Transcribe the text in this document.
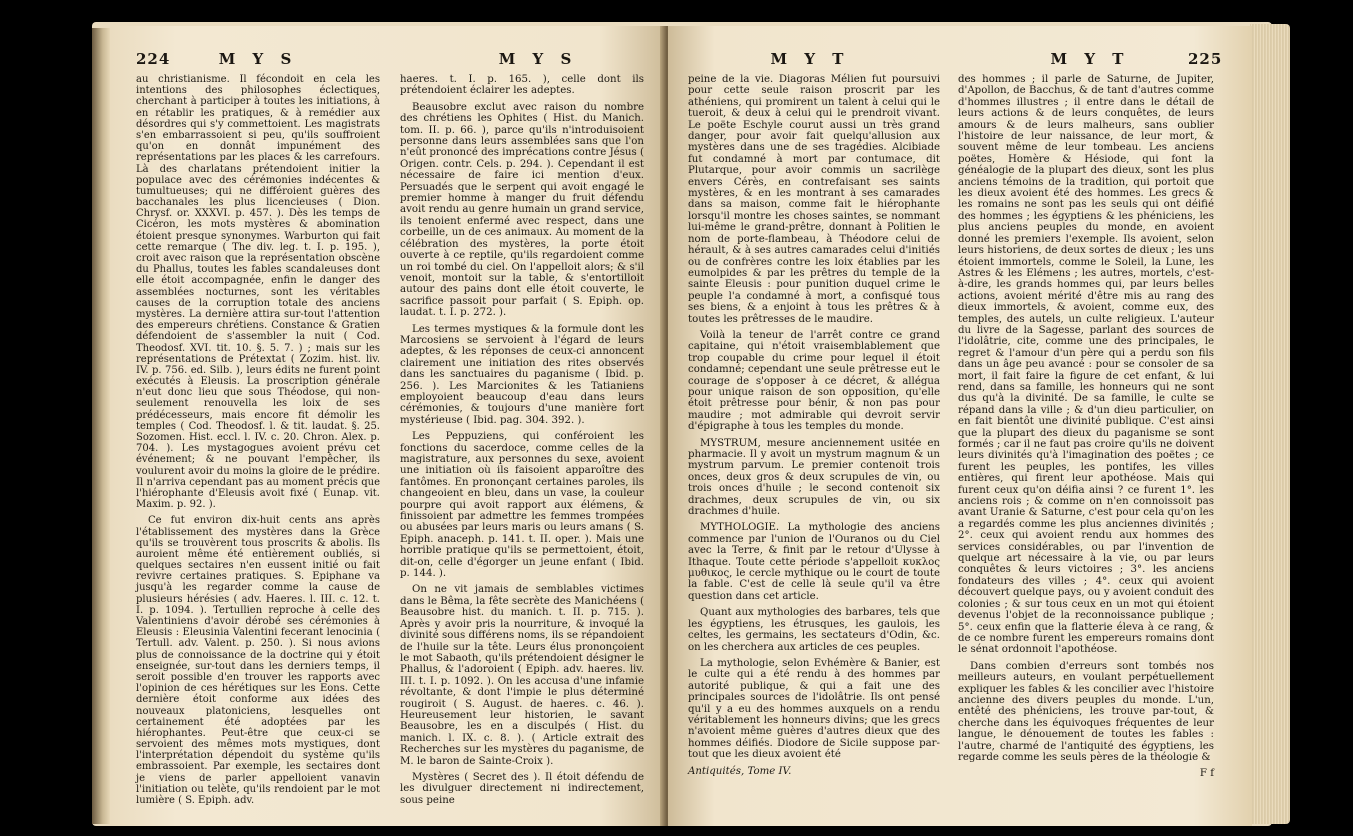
224	M Y S	M Y S

au christianisme. Il fécondoit en cela les intentions des philosophes éclectiques, cherchant à participer à toutes les initiations, à en rétablir les pratiques, & à remédier aux désordres qui s'y commettoient. Les magistrats s'en embarrassoient si peu, qu'ils souffroient qu'on en donnât impunément des représentations par les places & les carrefours. Là des charlatans prétendoient initier la populace avec des cérémonies indécentes & tumultueuses; qui ne différoient guères des bacchanales les plus licencieuses ( Dion. Chrysf. or. XXXVI. p. 457. ). Dès les temps de Cicéron, les mots mystères & abomination étoient presque synonymes. Warburton qui fait cette remarque ( The div. leg. t. I. p. 195. ), croit avec raison que la représentation obscène du Phallus, toutes les fables scandaleuses dont elle étoit accompagnée, enfin le danger des assemblées nocturnes, sont les véritables causes de la corruption totale des anciens mystères. La dernière attira sur-tout l'attention des empereurs chrétiens. Constance & Gratien défendoient de s'assembler la nuit ( Cod. Theodosf. XVI. tit. 10. §. 5. 7. ) ; mais sur les représentations de Prétextat ( Zozim. hist. liv. IV. p. 756. ed. Silb. ), leurs édits ne furent point exécutés à Eleusis. La proscription générale n'eut donc lieu que sous Théodose, qui non-seulement renouvella les loix de ses prédécesseurs, mais encore fit démolir les temples ( Cod. Theodosf. l. & tit. laudat. §. 25. Sozomen. Hist. eccl. l. IV. c. 20. Chron. Alex. p. 704. ). Les mystagogues avoient prévu cet événement; & ne pouvant l'empêcher, ils voulurent avoir du moins la gloire de le prédire. Il n'arriva cependant pas au moment précis que l'hiérophante d'Eleusis avoit fixé ( Eunap. vit. Maxim. p. 92. ).

Ce fut environ dix-huit cents ans après l'établissement des mystères dans la Grèce qu'ils se trouvèrent tous proscrits & abolis. Ils auroient même été entièrement oubliés, si quelques sectaires n'en eussent initié ou fait revivre certaines pratiques. S. Epiphane va jusqu'à les regarder comme la cause de plusieurs hérésies ( adv. Haeres. l. III. c. 12. t. I. p. 1094. ). Tertullien reproche à celle des Valentiniens d'avoir dérobé ses cérémonies à Eleusis : Eleusinia Valentini fecerant lenocinia ( Tertull. adv. Valent. p. 250. ). Si nous avions plus de connoissance de la doctrine qui y étoit enseignée, sur-tout dans les derniers temps, il seroit possible d'en trouver les rapports avec l'opinion de ces hérétiques sur les Eons. Cette dernière étoit conforme aux idées des nouveaux platoniciens, lesquelles ont certainement été adoptées par les hiérophantes. Peut-être que ceux-ci se servoient des mêmes mots mystiques, dont l'interprétation dépendoit du système qu'ils embrassoient. Par exemple, les sectaires dont je viens de parler appelloient vanavin l'initiation ou telète, qu'ils rendoient par le mot lumière ( S. Epiph. adv.

haeres. t. I. p. 165. ), celle dont ils prétendoient éclairer les adeptes.

Beausobre exclut avec raison du nombre des chrétiens les Ophites ( Hist. du Manich. tom. II. p. 66. ), parce qu'ils n'introduisoient personne dans leurs assemblées sans que l'on n'eût prononcé des imprécations contre Jésus ( Origen. contr. Cels. p. 294. ). Cependant il est nécessaire de faire ici mention d'eux. Persuadés que le serpent qui avoit engagé le premier homme à manger du fruit défendu avoit rendu au genre humain un grand service, ils tenoient enfermé avec respect, dans une corbeille, un de ces animaux. Au moment de la célébration des mystères, la porte étoit ouverte à ce reptile, qu'ils regardoient comme un roi tombé du ciel. On l'appelloit alors; & s'il venoit, montoit sur la table, & s'entortilloit autour des pains dont elle étoit couverte, le sacrifice passoit pour parfait ( S. Epiph. op. laudat. t. I. p. 272. ).

Les termes mystiques & la formule dont les Marcosiens se servoient à l'égard de leurs adeptes, & les réponses de ceux-ci annoncent clairement une initiation des rites observés dans les sanctuaires du paganisme ( Ibid. p. 256. ). Les Marcionites & les Tatianiens employoient beaucoup d'eau dans leurs cérémonies, & toujours d'une manière fort mystérieuse ( Ibid. pag. 304. 392. ).

Les Peppuziens, qui conféroient les fonctions du sacerdoce, comme celles de la magistrature, aux personnes du sexe, avoient une initiation où ils faisoient apparoître des fantômes. En prononçant certaines paroles, ils changeoient en bleu, dans un vase, la couleur pourpre qui avoit rapport aux élémens, & finissoient par admettre les femmes trompées ou abusées par leurs maris ou leurs amans ( S. Epiph. anaceph. p. 141. t. II. oper. ). Mais une horrible pratique qu'ils se permettoient, étoit, dit-on, celle d'égorger un jeune enfant ( Ibid. p. 144. ).

On ne vit jamais de semblables victimes dans le Bêma, la fête secrète des Manichéens ( Beausobre hist. du manich. t. II. p. 715. ). Après y avoir pris la nourriture, & invoqué la divinité sous différens noms, ils se répandoient de l'huile sur la tête. Leurs élus prononçoient le mot Sabaoth, qu'ils prétendoient désigner le Phallus, & l'adoroient ( Epiph. adv. haeres. liv. III. t. I. p. 1092. ). On les accusa d'une infamie révoltante, & dont l'impie le plus déterminé rougiroit ( S. August. de haeres. c. 46. ). Heureusement leur historien, le savant Beausobre, les en a disculpés ( Hist. du manich. l. IX. c. 8. ). ( Article extrait des Recherches sur les mystères du paganisme, de M. le baron de Sainte-Croix ).

Mystères ( Secret des ). Il étoit défendu de les divulguer directement ni indirectement, sous peine

M Y T	M Y T	225

peine de la vie. Diagoras Mélien fut poursuivi pour cette seule raison proscrit par les athéniens, qui promirent un talent à celui qui le tueroit, & deux à celui qui le prendroit vivant. Le poëte Eschyle courut aussi un très grand danger, pour avoir fait quelqu'allusion aux mystères dans une de ses tragédies. Alcibiade fut condamné à mort par contumace, dit Plutarque, pour avoir commis un sacrilège envers Cérès, en contrefaisant ses saints mystères, & en les montrant à ses camarades dans sa maison, comme fait le hiérophante lorsqu'il montre les choses saintes, se nommant lui-même le grand-prêtre, donnant à Politien le nom de porte-flambeau, à Théodore celui de hérault, & à ses autres camarades celui d'initiés ou de confrères contre les loix établies par les eumolpides & par les prêtres du temple de la sainte Eleusis : pour punition duquel crime le peuple l'a condamné à mort, a confisqué tous ses biens, & a enjoint à tous les prêtres & à toutes les prêtresses de le maudire.

Voilà la teneur de l'arrêt contre ce grand capitaine, qui n'étoit vraisemblablement que trop coupable du crime pour lequel il étoit condamné; cependant une seule prêtresse eut le courage de s'opposer à ce décret, & allégua pour unique raison de son opposition, qu'elle étoit prêtresse pour bénir, & non pas pour maudire ; mot admirable qui devroit servir d'épigraphe à tous les temples du monde.

MYSTRUM, mesure anciennement usitée en pharmacie. Il y avoit un mystrum magnum & un mystrum parvum. Le premier contenoit trois onces, deux gros & deux scrupules de vin, ou trois onces d'huile ; le second contenoit six drachmes, deux scrupules de vin, ou six drachmes d'huile.

MYTHOLOGIE. La mythologie des anciens commence par l'union de l'Ouranos ou du Ciel avec la Terre, & finit par le retour d'Ulysse à Ithaque. Toute cette période s'appelloit κυκλος μυθικος, le cercle mythique ou le court de toute la fable. C'est de celle là seule qu'il va être question dans cet article.

Quant aux mythologies des barbares, tels que les égyptiens, les étrusques, les gaulois, les celtes, les germains, les sectateurs d'Odin, &c. on les cherchera aux articles de ces peuples.

La mythologie, selon Evhémère & Banier, est le culte qui a été rendu à des hommes par autorité publique, & qui a fait une des principales sources de l'idolâtrie. Ils ont pensé qu'il y a eu des hommes auxquels on a rendu véritablement les honneurs divins; que les grecs n'avoient même guères d'autres dieux que des hommes déifiés. Diodore de Sicile suppose par-tout que les dieux avoient été

Antiquités, Tome IV.

des hommes ; il parle de Saturne, de Jupiter, d'Apollon, de Bacchus, & de tant d'autres comme d'hommes illustres ; il entre dans le détail de leurs actions & de leurs conquêtes, de leurs amours & de leurs malheurs, sans oublier l'histoire de leur naissance, de leur mort, & souvent même de leur tombeau. Les anciens poëtes, Homère & Hésiode, qui font la généalogie de la plupart des dieux, sont les plus anciens témoins de la tradition, qui portoit que les dieux avoient été des hommes. Les grecs & les romains ne sont pas les seuls qui ont déifié des hommes ; les égyptiens & les phéniciens, les plus anciens peuples du monde, en avoient donné les premiers l'exemple. Ils avoient, selon leurs historiens, de deux sortes de dieux ; les uns étoient immortels, comme le Soleil, la Lune, les Astres & les Elémens ; les autres, mortels, c'est-à-dire, les grands hommes qui, par leurs belles actions, avoient mérité d'être mis au rang des dieux immortels, & avoient, comme eux, des temples, des autels, un culte religieux. L'auteur du livre de la Sagesse, parlant des sources de l'idolâtrie, cite, comme une des principales, le regret & l'amour d'un père qui a perdu son fils dans un âge peu avancé : pour se consoler de sa mort, il fait faire la figure de cet enfant, & lui rend, dans sa famille, les honneurs qui ne sont dus qu'à la divinité. De sa famille, le culte se répand dans la ville ; & d'un dieu particulier, on en fait bientôt une divinité publique. C'est ainsi que la plupart des dieux du paganisme se sont formés ; car il ne faut pas croire qu'ils ne doivent leurs divinités qu'à l'imagination des poëtes ; ce furent les peuples, les pontifes, les villes entières, qui firent leur apothéose. Mais qui furent ceux qu'on déifia ainsi ? ce furent 1°. les anciens rois ; & comme on n'en connoissoit pas avant Uranie & Saturne, c'est pour cela qu'on les a regardés comme les plus anciennes divinités ; 2°. ceux qui avoient rendu aux hommes des services considérables, ou par l'invention de quelque art nécessaire à la vie, ou par leurs conquêtes & leurs victoires ; 3°. les anciens fondateurs des villes ; 4°. ceux qui avoient découvert quelque pays, ou y avoient conduit des colonies ; & sur tous ceux en un mot qui étoient devenus l'objet de la reconnoissance publique ; 5°. ceux enfin que la flatterie éleva à ce rang, & de ce nombre furent les empereurs romains dont le sénat ordonnoit l'apothéose.

Dans combien d'erreurs sont tombés nos meilleurs auteurs, en voulant perpétuellement expliquer les fables & les concilier avec l'histoire ancienne des divers peuples du monde. L'un, entêté des phéniciens, les trouve par-tout, & cherche dans les équivoques fréquentes de leur langue, le dénouement de toutes les fables : l'autre, charmé de l'antiquité des égyptiens, les regarde comme les seuls pères de la théologie &

F f
